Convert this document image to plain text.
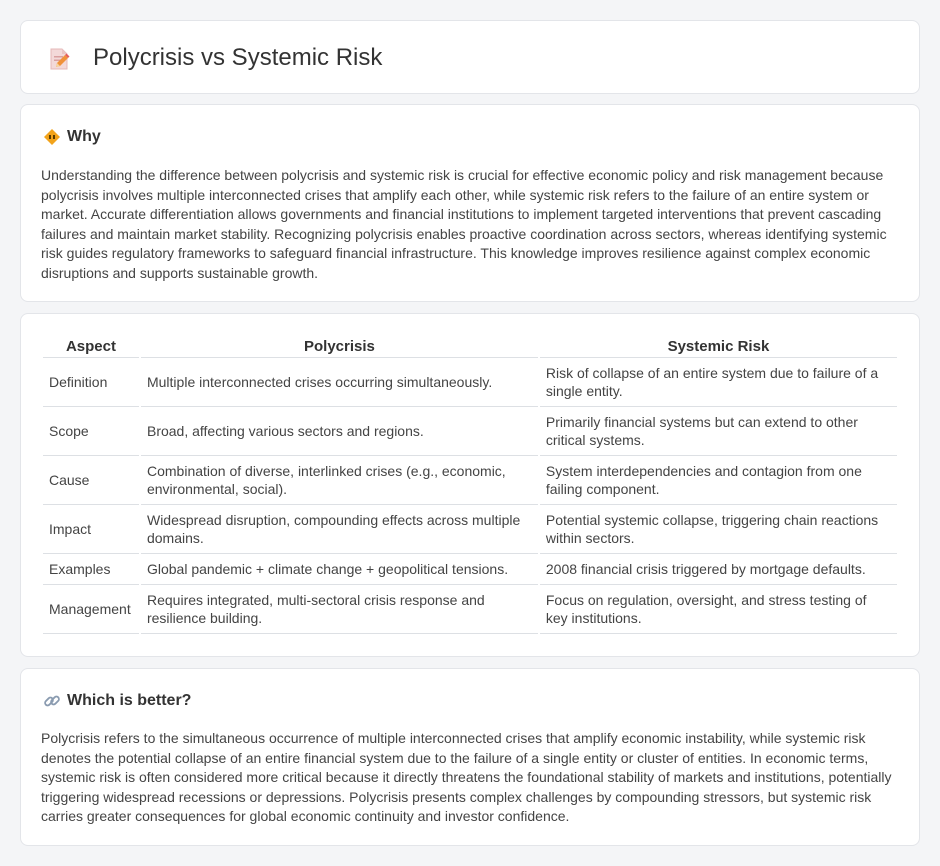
Polycrisis vs Systemic Risk
Why

Understanding the difference between polycrisis and systemic risk is crucial for effective economic policy and risk management because polycrisis involves multiple interconnected crises that amplify each other, while systemic risk refers to the failure of an entire system or market. Accurate differentiation allows governments and financial institutions to implement targeted interventions that prevent cascading failures and maintain market stability. Recognizing polycrisis enables proactive coordination across sectors, whereas identifying systemic risk guides regulatory frameworks to safeguard financial infrastructure. This knowledge improves resilience against complex economic disruptions and supports sustainable growth.

Aspect	Polycrisis	Systemic Risk
Definition	Multiple interconnected crises occurring simultaneously.	Risk of collapse of an entire system due to failure of a single entity.
Scope	Broad, affecting various sectors and regions.	Primarily financial systems but can extend to other critical systems.
Cause	Combination of diverse, interlinked crises (e.g., economic, environmental, social).	System interdependencies and contagion from one failing component.
Impact	Widespread disruption, compounding effects across multiple domains.	Potential systemic collapse, triggering chain reactions within sectors.
Examples	Global pandemic + climate change + geopolitical tensions.	2008 financial crisis triggered by mortgage defaults.
Management	Requires integrated, multi-sectoral crisis response and resilience building.	Focus on regulation, oversight, and stress testing of key institutions.
Which is better?

Polycrisis refers to the simultaneous occurrence of multiple interconnected crises that amplify economic instability, while systemic risk denotes the potential collapse of an entire financial system due to the failure of a single entity or cluster of entities. In economic terms, systemic risk is often considered more critical because it directly threatens the foundational stability of markets and institutions, potentially triggering widespread recessions or depressions. Polycrisis presents complex challenges by compounding stressors, but systemic risk carries greater consequences for global economic continuity and investor confidence.
